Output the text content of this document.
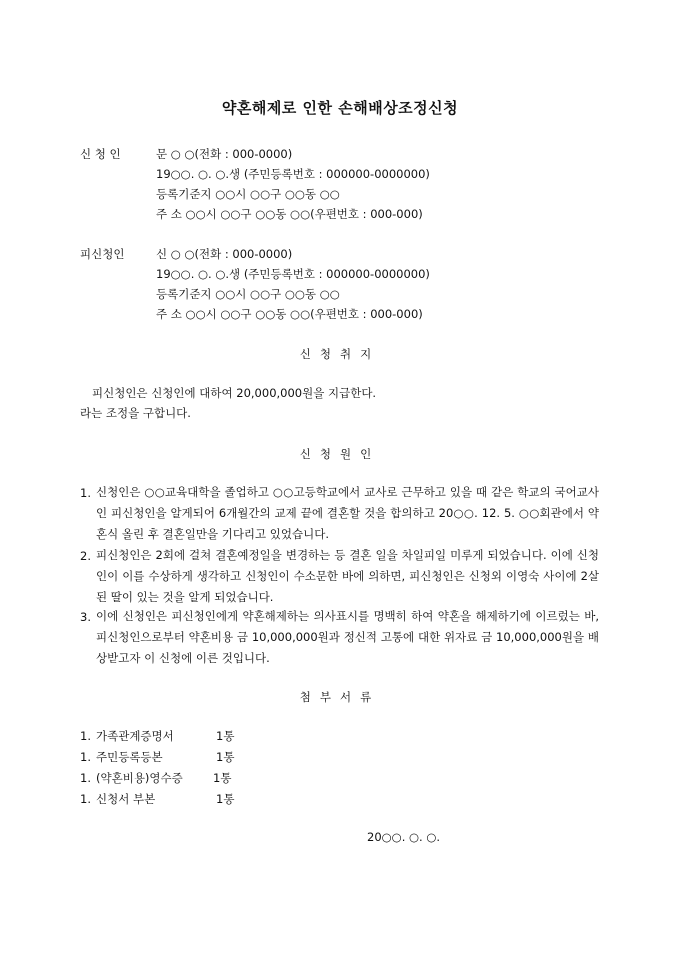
약혼해제로 인한 손해배상조정신청
신 청 인	문 ○ ○(전화 : 000-0000)
19○○. ○. ○.생 (주민등록번호 : 000000-0000000)
등록기준지 ○○시 ○○구 ○○동 ○○
주 소 ○○시 ○○구 ○○동 ○○(우편번호 : 000-000)
피신청인	신 ○ ○(전화 : 000-0000)
19○○. ○. ○.생 (주민등록번호 : 000000-0000000)
등록기준지 ○○시 ○○구 ○○동 ○○
주 소 ○○시 ○○구 ○○동 ○○(우편번호 : 000-000)
신청취지
피신청인은 신청인에 대하여 20,000,000원을 지급한다.
라는 조정을 구합니다.
신청원인
1. 신청인은 ○○교육대학을 졸업하고 ○○고등학교에서 교사로 근무하고 있을 때 같은 학교의 국어교사인 피신청인을 알게되어 6개월간의 교제 끝에 결혼할 것을 합의하고 20○○. 12. 5. ○○회관에서 약혼식 올린 후 결혼일만을 기다리고 있었습니다.
2. 피신청인은 2회에 걸쳐 결혼예정일을 변경하는 등 결혼 일을 차일피일 미루게 되었습니다. 이에 신청인이 이를 수상하게 생각하고 신청인이 수소문한 바에 의하면, 피신청인은 신청외 이영숙 사이에 2살 된 딸이 있는 것을 알게 되었습니다.
3. 이에 신청인은 피신청인에게 약혼해제하는 의사표시를 명백히 하여 약혼을 해제하기에 이르렀는 바, 피신청인으로부터 약혼비용 금 10,000,000원과 정신적 고통에 대한 위자료 금 10,000,000원을 배상받고자 이 신청에 이른 것입니다.
첨부서류
1. 가족관계증명서	1통
1. 주민등록등본	1통
1. (약혼비용)영수증	1통
1. 신청서 부본	1통
20○○. ○. ○.
